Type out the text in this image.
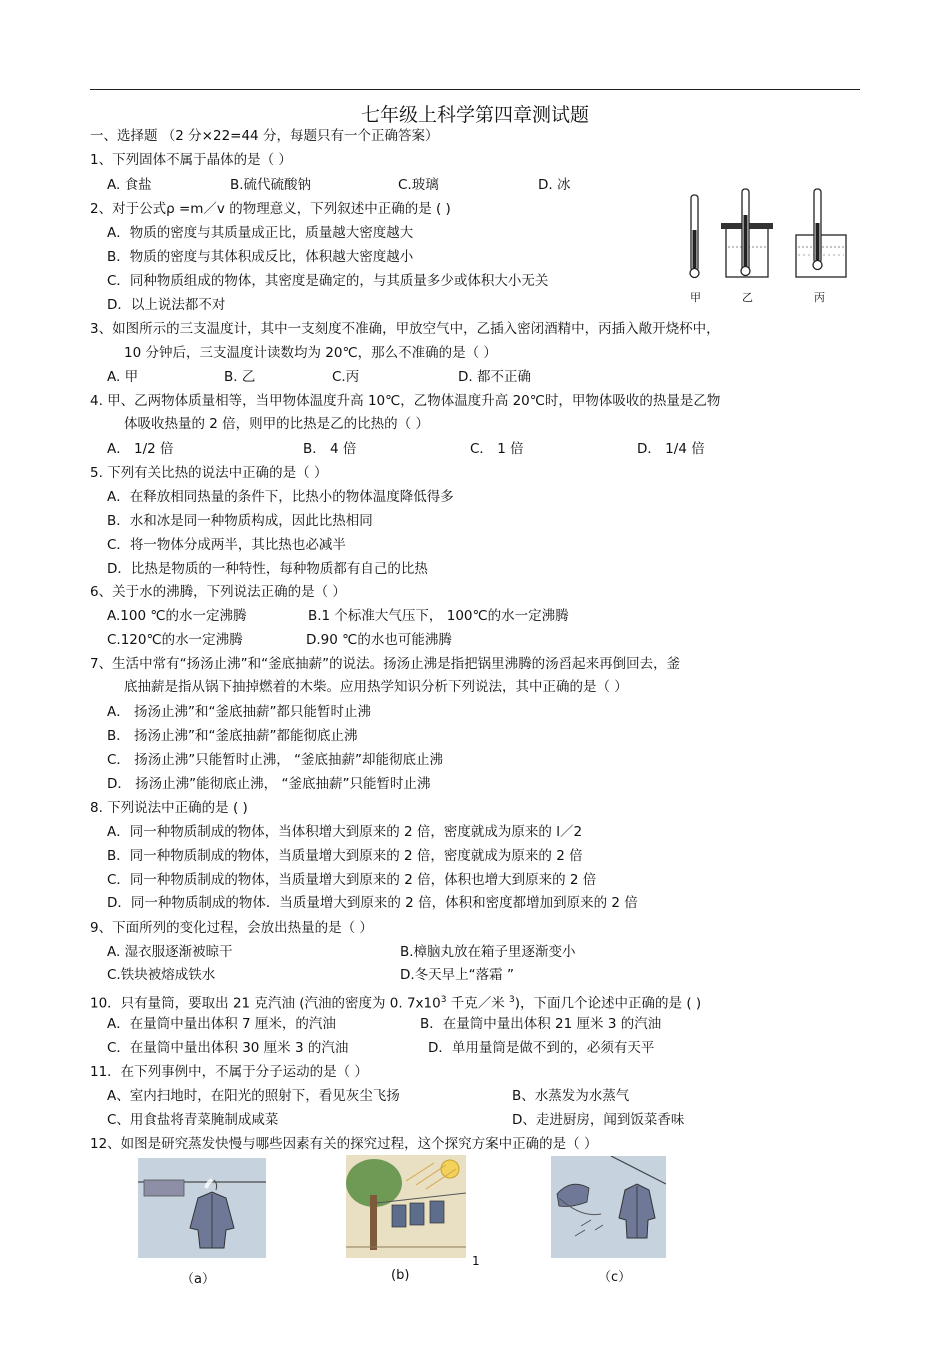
七年级上科学第四章测试题
一、选择题 （2 分×22=44 分，每题只有一个正确答案）
1、下列固体不属于晶体的是（ ）
A. 食盐	B.硫代硫酸钠	C.玻璃	D. 冰
2、对于公式ρ =m／v 的物理意义，下列叙述中正确的是 ( )
A．物质的密度与其质量成正比，质量越大密度越大
B．物质的密度与其体积成反比，体积越大密度越小
C．同种物质组成的物体，其密度是确定的，与其质量多少或体积大小无关
D．以上说法都不对	甲	乙	丙
3、如图所示的三支温度计，其中一支刻度不准确，甲放空气中，乙插入密闭酒精中，丙插入敞开烧杯中，
10 分钟后，三支温度计读数均为 20℃，那么不准确的是（ ）
A. 甲	B. 乙	C.丙	D. 都不正确
4. 甲、乙两物体质量相等，当甲物体温度升高 10℃，乙物体温度升高 20℃时，甲物体吸收的热量是乙物
体吸收热量的 2 倍，则甲的比热是乙的比热的（ ）
A． 1/2 倍	B． 4 倍	C． 1 倍	D． 1/4 倍
5. 下列有关比热的说法中正确的是（ ）
A．在释放相同热量的条件下，比热小的物体温度降低得多
B．水和冰是同一种物质构成，因此比热相同
C．将一物体分成两半，其比热也必减半
D．比热是物质的一种特性，每种物质都有自己的比热
6、关于水的沸腾，下列说法正确的是（ ）
A.100 ℃的水一定沸腾	B.1 个标准大气压下， 100℃的水一定沸腾
C.120℃的水一定沸腾	D.90 ℃的水也可能沸腾
7、生活中常有“扬汤止沸”和“釜底抽薪”的说法。扬汤止沸是指把锅里沸腾的汤舀起来再倒回去，釜
底抽薪是指从锅下抽掉燃着的木柴。应用热学知识分析下列说法，其中正确的是（ ）
A． 扬汤止沸”和“釜底抽薪”都只能暂时止沸
B． 扬汤止沸”和“釜底抽薪”都能彻底止沸
C． 扬汤止沸”只能暂时止沸， “釜底抽薪”却能彻底止沸
D． 扬汤止沸”能彻底止沸， “釜底抽薪”只能暂时止沸
8. 下列说法中正确的是 ( )
A．同一种物质制成的物体，当体积增大到原来的 2 倍，密度就成为原来的 l／2
B．同一种物质制成的物体，当质量增大到原来的 2 倍，密度就成为原来的 2 倍
C．同一种物质制成的物体，当质量增大到原来的 2 倍，体积也增大到原来的 2 倍
D．同一种物质制成的物体．当质量增大到原来的 2 倍，体积和密度都增加到原来的 2 倍
9、下面所列的变化过程，会放出热量的是（ ）
A. 湿衣服逐渐被晾干	B.樟脑丸放在箱子里逐渐变小
C.铁块被熔成铁水	D.冬天早上“落霜 ”
10．只有量筒，要取出 21 克汽油 (汽油的密度为 0. $7x10^3$ 千克／米 $^3$)，下面几个论述中正确的是 ( )
A．在量筒中量出体积 7 厘米，的汽油	B．在量筒中量出体积 21 厘米 3 的汽油
C．在量筒中量出体积 30 厘米 3 的汽油	D．单用量筒是做不到的，必须有天平
11．在下列事例中，不属于分子运动的是（ ）
A、室内扫地时，在阳光的照射下，看见灰尘飞扬	B、水蒸发为水蒸气
C、用食盐将青菜腌制成咸菜	D、走进厨房，闻到饭菜香味
12、如图是研究蒸发快慢与哪些因素有关的探究过程，这个探究方案中正确的是（ ）
（a）	(b)	（c）
1
